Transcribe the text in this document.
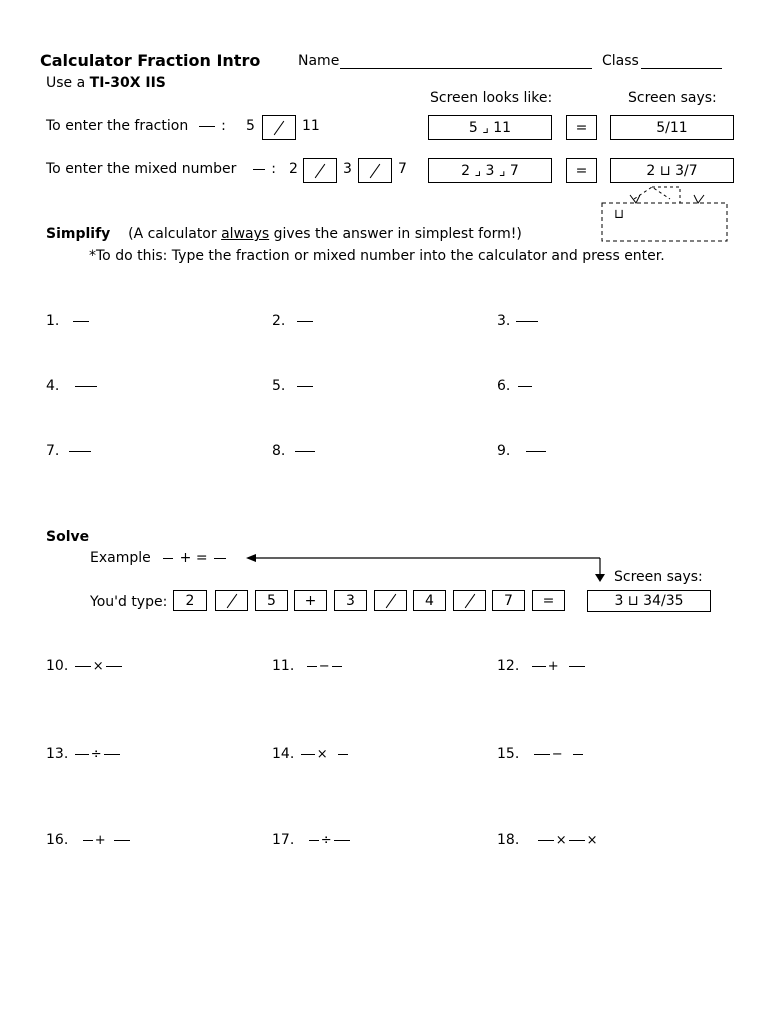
Calculator Fraction Intro	Name	Class
Use a TI-30X IIS
Screen looks like:	Screen says:
To enter the fraction : 5	11	5 ⌟ 11	=	5/11
To enter the mixed number : 2	3	7	2 ⌟ 3 ⌟ 7	=	2 ⊔ 3/7
⊔
Simplify (A calculator always gives the answer in simplest form!)
*To do this: Type the fraction or mixed number into the calculator and press enter.
1.	2.	3.
4.	5.	6.
7.	8.	9.
Solve
Example + =
Screen says:
You'd type:	2	5	+	3	4	7	=	3 ⊔ 34/35
10. ×	11. −	12. +
13. ÷	14. ×	15. −
16. +	17. ÷	18.	× ×
